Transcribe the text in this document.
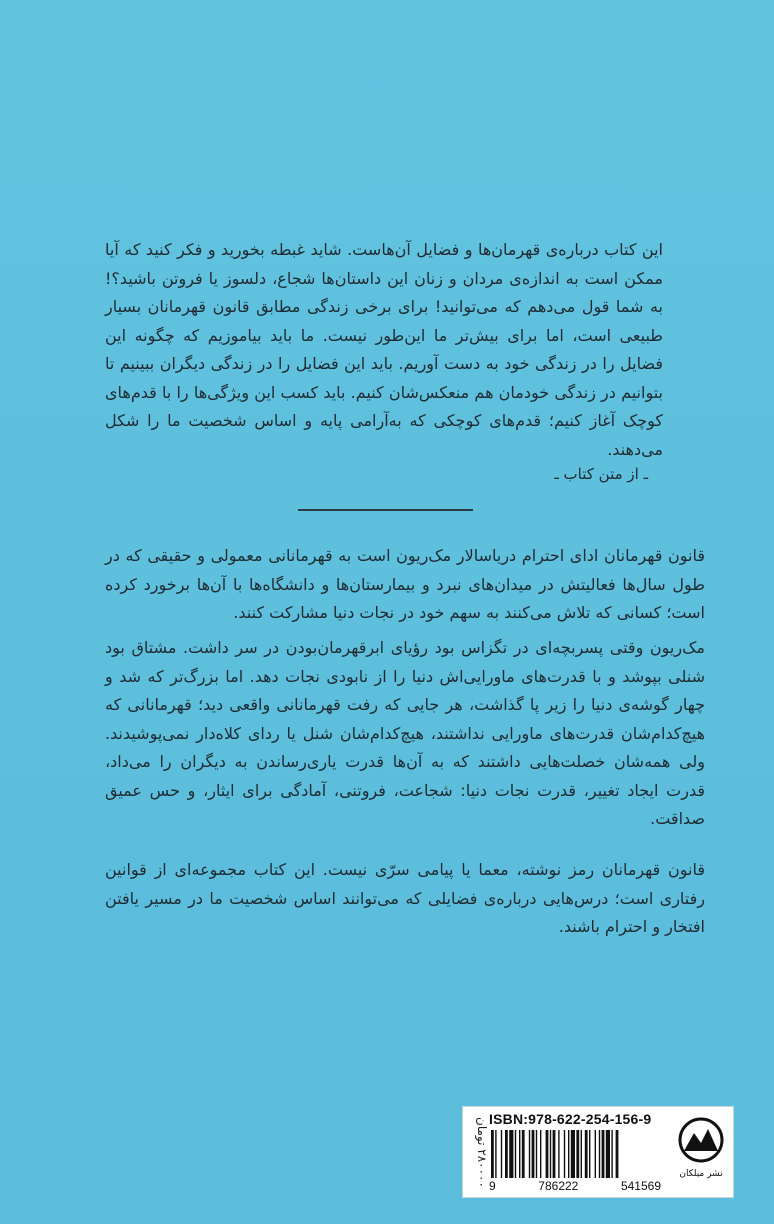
این کتاب درباره‌ی قهرمان‌ها و فضایل آن‌هاست. شاید غبطه بخورید و فکر کنید که آیا ممکن است به اندازه‌ی مردان و زنان این داستان‌ها شجاع، دلسوز یا فروتن باشید؟! به شما قول می‌دهم که می‌توانید! برای برخی زندگی مطابق قانون قهرمانان بسیار طبیعی است، اما برای بیش‌تر ما این‌طور نیست. ما باید بیاموزیم که چگونه این فضایل را در زندگی خود به دست آوریم. باید این فضایل را در زندگی دیگران ببینیم تا بتوانیم در زندگی خودمان هم منعکس‌شان کنیم. باید کسب این ویژگی‌ها را با قدم‌های کوچک آغاز کنیم؛ قدم‌های کوچکی که به‌آرامی پایه و اساس شخصیت ما را شکل می‌دهند.
ـ از متن کتاب ـ
قانون قهرمانان ادای احترام دریاسالار مک‌ریون است به قهرمانانی معمولی و حقیقی که در طول سال‌ها فعالیتش در میدان‌های نبرد و بیمارستان‌ها و دانشگاه‌ها با آن‌ها برخورد کرده است؛ کسانی که تلاش می‌کنند به سهم خود در نجات دنیا مشارکت کنند.
مک‌ریون وقتی پسربچه‌ای در تگزاس بود رؤیای ابرقهرمان‌بودن در سر داشت. مشتاق بود شنلی بپوشد و با قدرت‌های ماورایی‌اش دنیا را از نابودی نجات دهد. اما بزرگ‌تر که شد و چهار گوشه‌ی دنیا را زیر پا گذاشت، هر جایی که رفت قهرمانانی واقعی دید؛ قهرمانانی که هیچ‌کدام‌شان قدرت‌های ماورایی نداشتند، هیچ‌کدام‌شان شنل یا ردای کلاه‌دار نمی‌پوشیدند. ولی همه‌شان خصلت‌هایی داشتند که به آن‌ها قدرت یاری‌رساندن به دیگران را می‌داد، قدرت ایجاد تغییر، قدرت نجات دنیا: شجاعت، فروتنی، آمادگی برای ایثار، و حس عمیق صداقت.
قانون قهرمانان رمز نوشته، معما یا پیامی سرّی نیست. این کتاب مجموعه‌ای از قوانین رفتاری است؛ درس‌هایی درباره‌ی فضایلی که می‌توانند اساس شخصیت ما در مسیر یافتن افتخار و احترام باشند.
۲۸۰۰۰۰ تومان
ISBN:978-622-254-156-9
9	786222	541569
نشر میلکان
